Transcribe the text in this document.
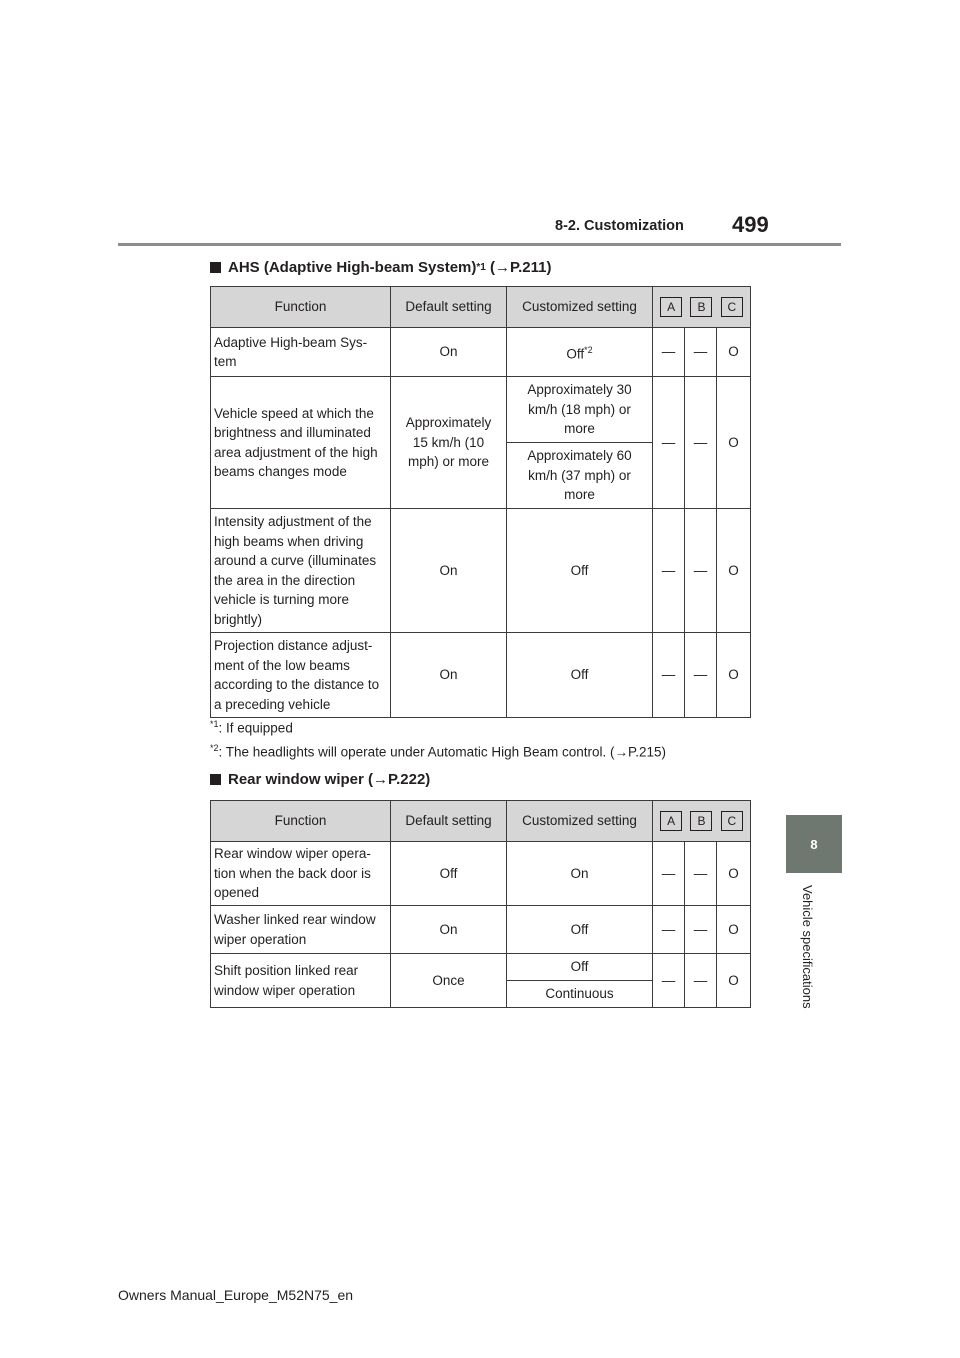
8-2. Customization 499
8
Vehicle specifications
AHS (Adaptive High-beam System) *1
(→P.211)
Function	Default setting	Customized setting	A B C		

Adaptive High-beam Sys-
tem	On	Off$^{*2}$	—	—	O
Vehicle speed at which the brightness and illuminated area adjustment of the high beams changes mode	Approximately
15 km/h (10
mph) or more	Approximately 30
km/h (18 mph) or
more	—	—	O
		Approximately 60
km/h (37 mph) or
more			
Intensity adjustment of the high beams when driving around a curve (illuminates the area in the direction vehicle is turning more brightly)	On	Off	—	—	O
Projection distance adjust- ment of the low beams according to the distance to a preceding vehicle	On	Off	—	—	O
$^{*1}$: If equipped
$^{*2}$: The headlights will operate under Automatic High Beam control. (→P.215)
Rear window wiper (→P.222)
Function	Default setting	Customized setting	A B C		

Rear window wiper opera- tion when the back door is opened	Off	On	—	—	O
Washer linked rear window wiper operation	On	Off	—	—	O
Shift position linked rear window wiper operation	Once	Off	—	—	O
		Continuous			
Owners Manual_Europe_M52N75_en
